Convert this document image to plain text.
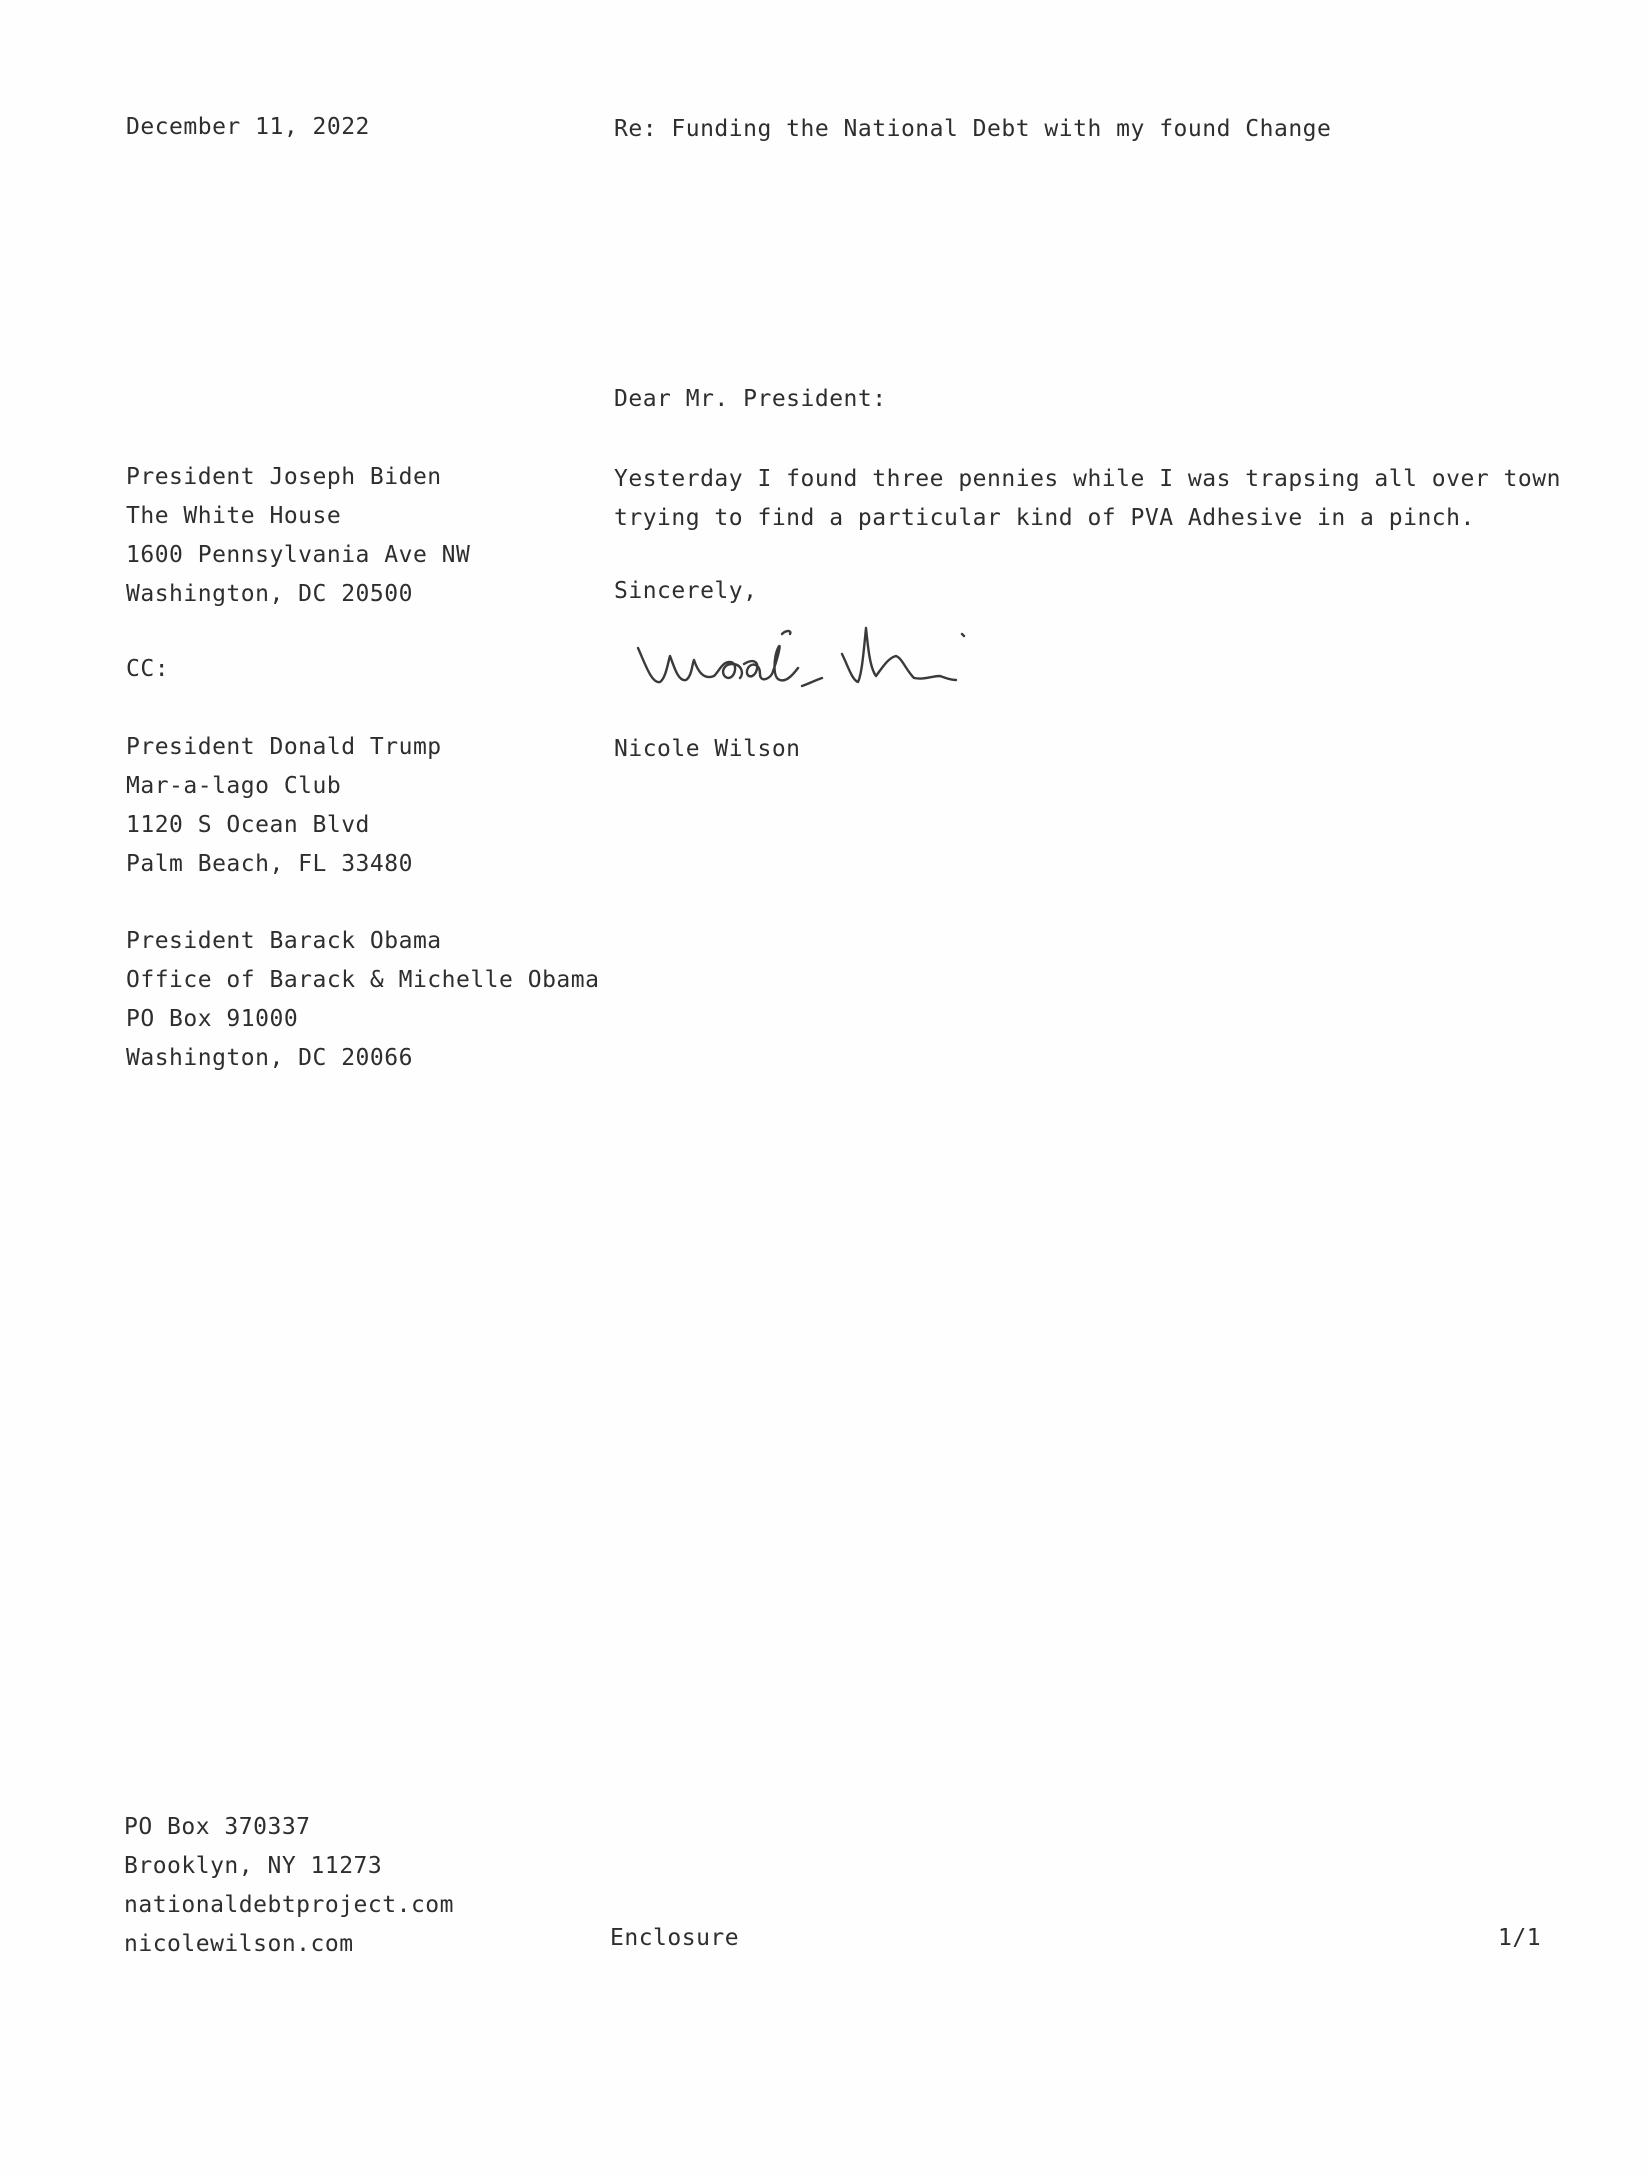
December 11, 2022	Re: Funding the National Debt with my found Change
Dear Mr. President:
President Joseph Biden
The White House
1600 Pennsylvania Ave NW
Washington, DC 20500
Yesterday I found three pennies while I was trapsing all over town
trying to find a particular kind of PVA Adhesive in a pinch.
Sincerely,
Nicole Wilson
CC:
President Donald Trump
Mar-a-lago Club
1120 S Ocean Blvd
Palm Beach, FL 33480
President Barack Obama
Office of Barack & Michelle Obama
PO Box 91000
Washington, DC 20066
PO Box 370337
Brooklyn, NY 11273
nationaldebtproject.com
nicolewilson.com	Enclosure	1/1
